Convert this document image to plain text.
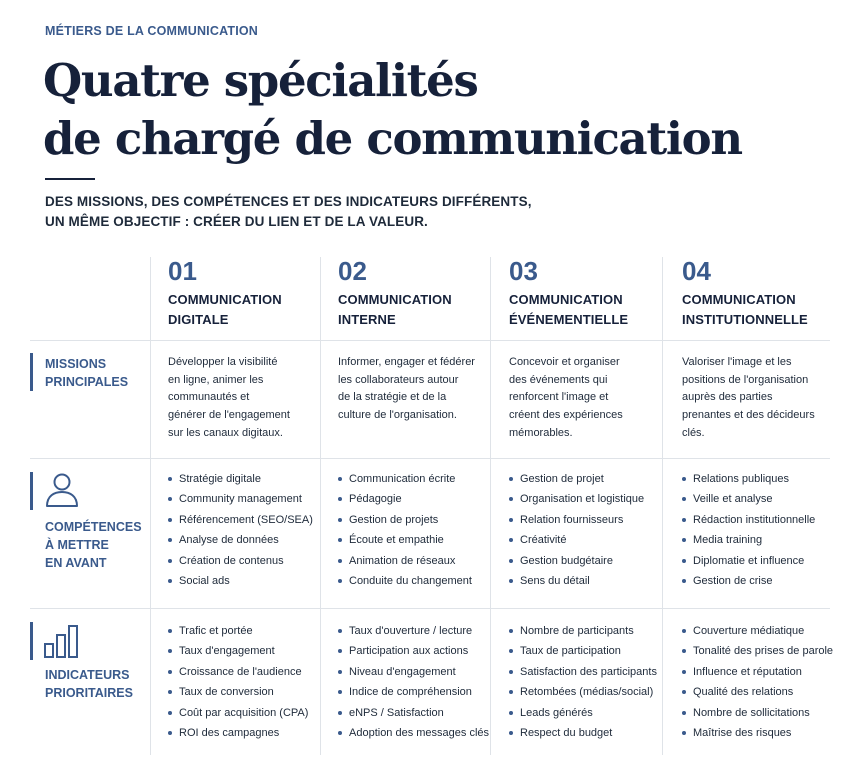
MÉTIERS DE LA COMMUNICATION
Quatre spécialités
de chargé de communication
DES MISSIONS, DES COMPÉTENCES ET DES INDICATEURS DIFFÉRENTS,
UN MÊME OBJECTIF : CRÉER DU LIEN ET DE LA VALEUR.
01
COMMUNICATION
DIGITALE
02
COMMUNICATION
INTERNE
03
COMMUNICATION
ÉVÉNEMENTIELLE
04
COMMUNICATION
INSTITUTIONNELLE
MISSIONS
PRINCIPALES
COMPÉTENCES
À METTRE
EN AVANT
INDICATEURS
PRIORITAIRES
Développer la visibilité
en ligne, animer les
communautés et
générer de l'engagement
sur les canaux digitaux.
Informer, engager et fédérer
les collaborateurs autour
de la stratégie et de la
culture de l'organisation.
Concevoir et organiser
des événements qui
renforcent l'image et
créent des expériences
mémorables.
Valoriser l'image et les
positions de l'organisation
auprès des parties
prenantes et des décideurs
clés.
Stratégie digitale
Community management
Référencement (SEO/SEA)
Analyse de données
Création de contenus
Social ads
Communication écrite
Pédagogie
Gestion de projets
Écoute et empathie
Animation de réseaux
Conduite du changement
Gestion de projet
Organisation et logistique
Relation fournisseurs
Créativité
Gestion budgétaire
Sens du détail
Relations publiques
Veille et analyse
Rédaction institutionnelle
Media training
Diplomatie et influence
Gestion de crise
Trafic et portée
Taux d'engagement
Croissance de l'audience
Taux de conversion
Coût par acquisition (CPA)
ROI des campagnes
Taux d'ouverture / lecture
Participation aux actions
Niveau d'engagement
Indice de compréhension
eNPS / Satisfaction
Adoption des messages clés
Nombre de participants
Taux de participation
Satisfaction des participants
Retombées (médias/social)
Leads générés
Respect du budget
Couverture médiatique
Tonalité des prises de parole
Influence et réputation
Qualité des relations
Nombre de sollicitations
Maîtrise des risques
